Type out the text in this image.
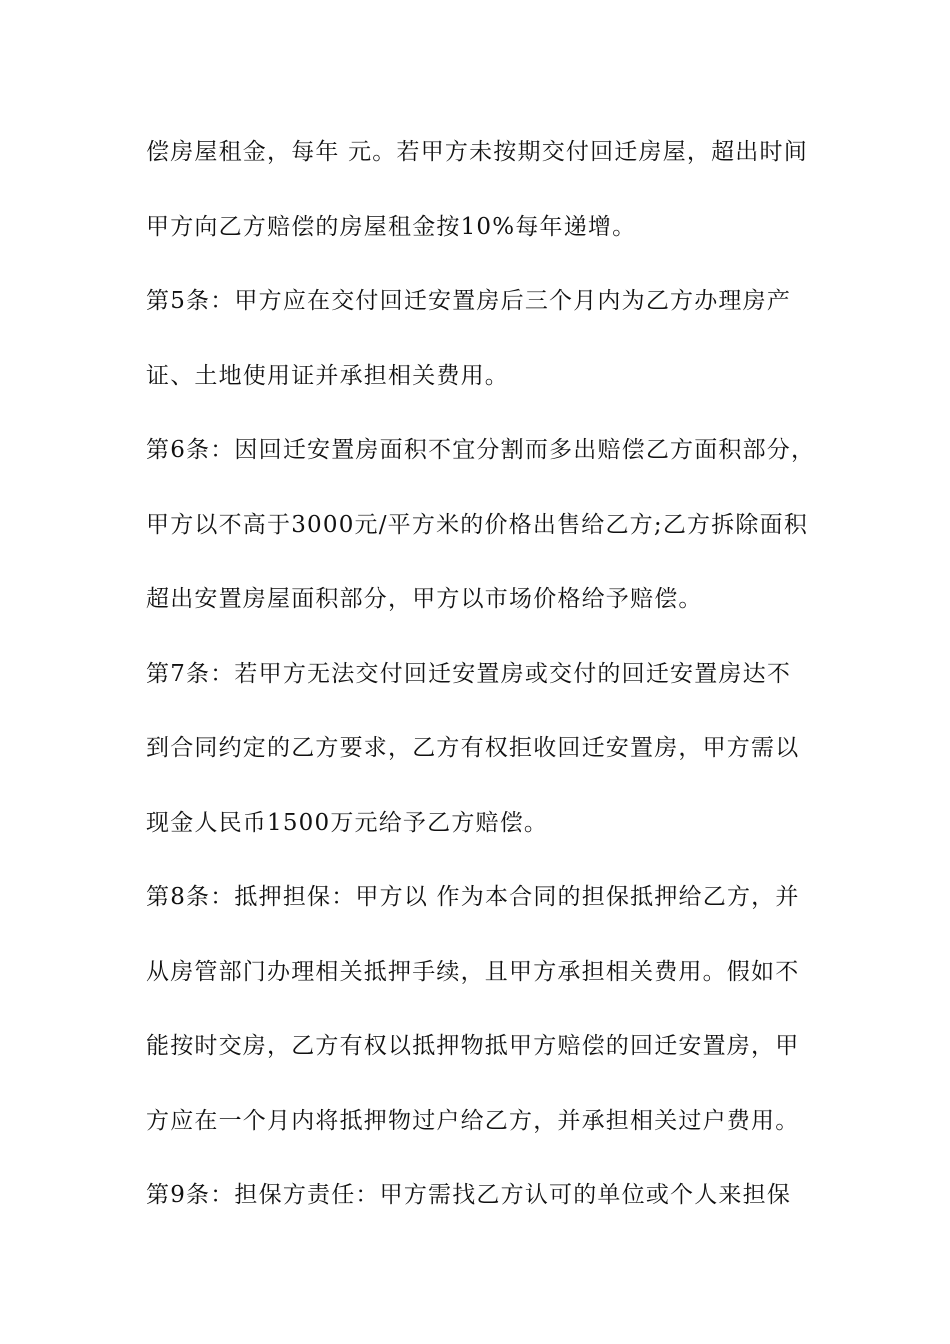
偿房屋租金，每年 元。若甲方未按期交付回迁房屋，超出时间
甲方向乙方赔偿的房屋租金按10%每年递增。
第5条：甲方应在交付回迁安置房后三个月内为乙方办理房产
证、土地使用证并承担相关费用。
第6条：因回迁安置房面积不宜分割而多出赔偿乙方面积部分，
甲方以不高于3000元/平方米的价格出售给乙方;乙方拆除面积
超出安置房屋面积部分，甲方以市场价格给予赔偿。
第7条：若甲方无法交付回迁安置房或交付的回迁安置房达不
到合同约定的乙方要求，乙方有权拒收回迁安置房，甲方需以
现金人民币1500万元给予乙方赔偿。
第8条：抵押担保：甲方以 作为本合同的担保抵押给乙方，并
从房管部门办理相关抵押手续，且甲方承担相关费用。假如不
能按时交房，乙方有权以抵押物抵甲方赔偿的回迁安置房，甲
方应在一个月内将抵押物过户给乙方，并承担相关过户费用。
第9条：担保方责任：甲方需找乙方认可的单位或个人来担保
